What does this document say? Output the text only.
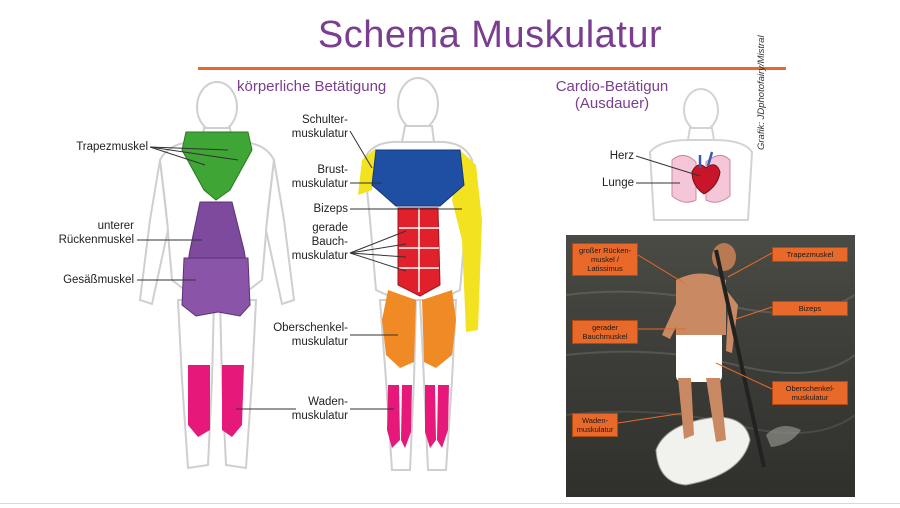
Schema Muskulatur
körperliche Betätigung	Cardio-Betätigun
(Ausdauer)	Grafik: JDphotofairy/Mistral
Trapezmuskel
unterer
Rückenmuskel
Gesäßmuskel
Schulter-
muskulatur
Brust-
muskulatur
Bizeps
gerade
Bauch-
muskulatur
Oberschenkel-
muskulatur
Waden-
muskulatur
Herz
Lunge
großer Rücken-
muskel /
Latissimus
Trapezmuskel
Bizeps
gerader
Bauchmuskel
Oberschenkel-
muskulatur
Waden-
muskulatur
